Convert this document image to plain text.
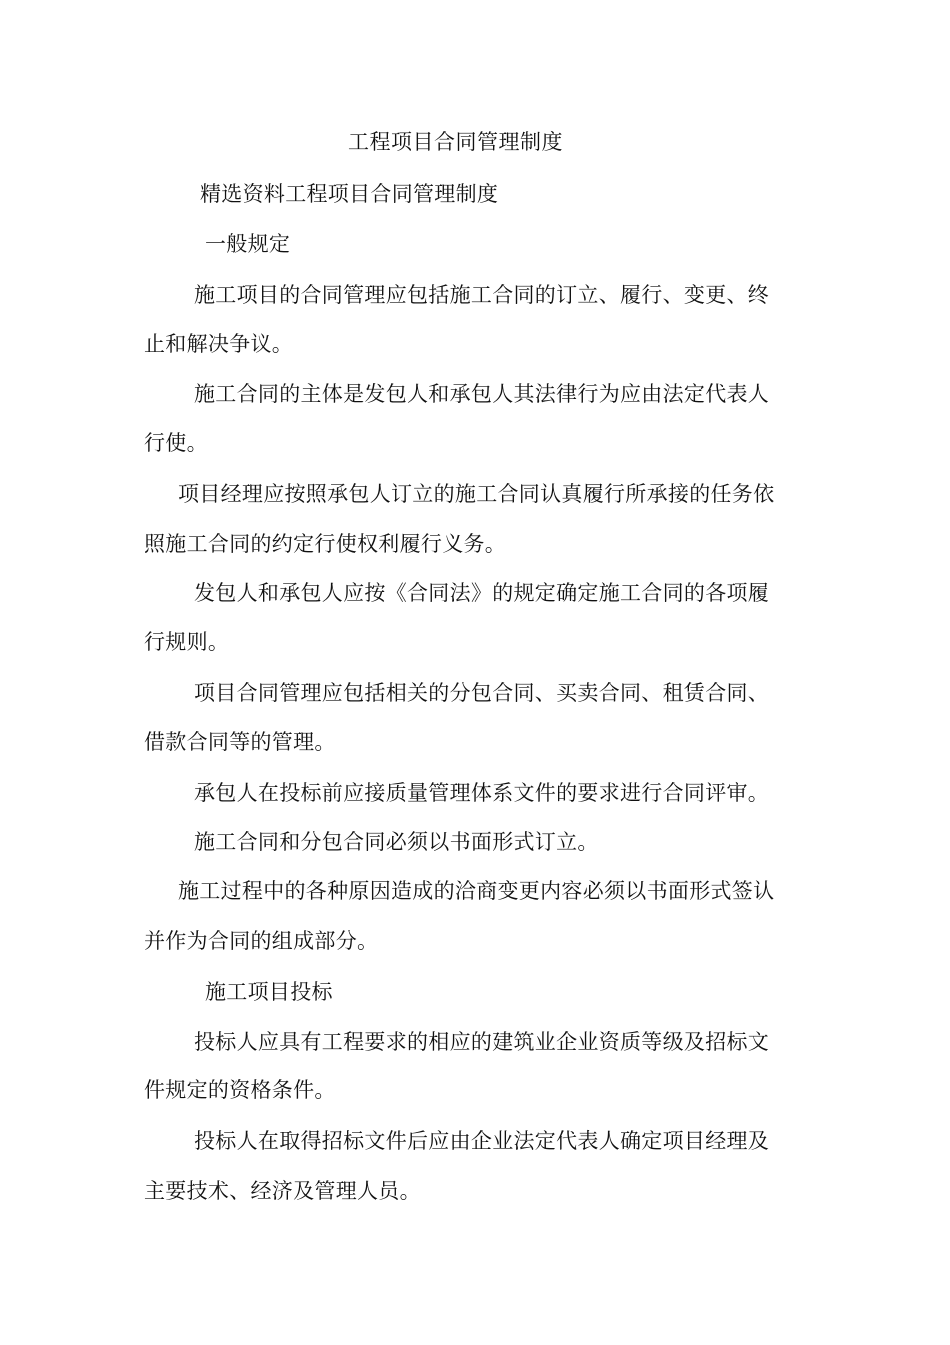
工程项目合同管理制度
精选资料工程项目合同管理制度
一般规定
施工项目的合同管理应包括施工合同的订立、履行、变更、终
止和解决争议。
施工合同的主体是发包人和承包人其法律行为应由法定代表人
行使。
项目经理应按照承包人订立的施工合同认真履行所承接的任务依
照施工合同的约定行使权利履行义务。
发包人和承包人应按《合同法》的规定确定施工合同的各项履
行规则。
项目合同管理应包括相关的分包合同、买卖合同、租赁合同、
借款合同等的管理。
承包人在投标前应接质量管理体系文件的要求进行合同评审。
施工合同和分包合同必须以书面形式订立。
施工过程中的各种原因造成的洽商变更内容必须以书面形式签认
并作为合同的组成部分。
施工项目投标
投标人应具有工程要求的相应的建筑业企业资质等级及招标文
件规定的资格条件。
投标人在取得招标文件后应由企业法定代表人确定项目经理及
主要技术、经济及管理人员。
